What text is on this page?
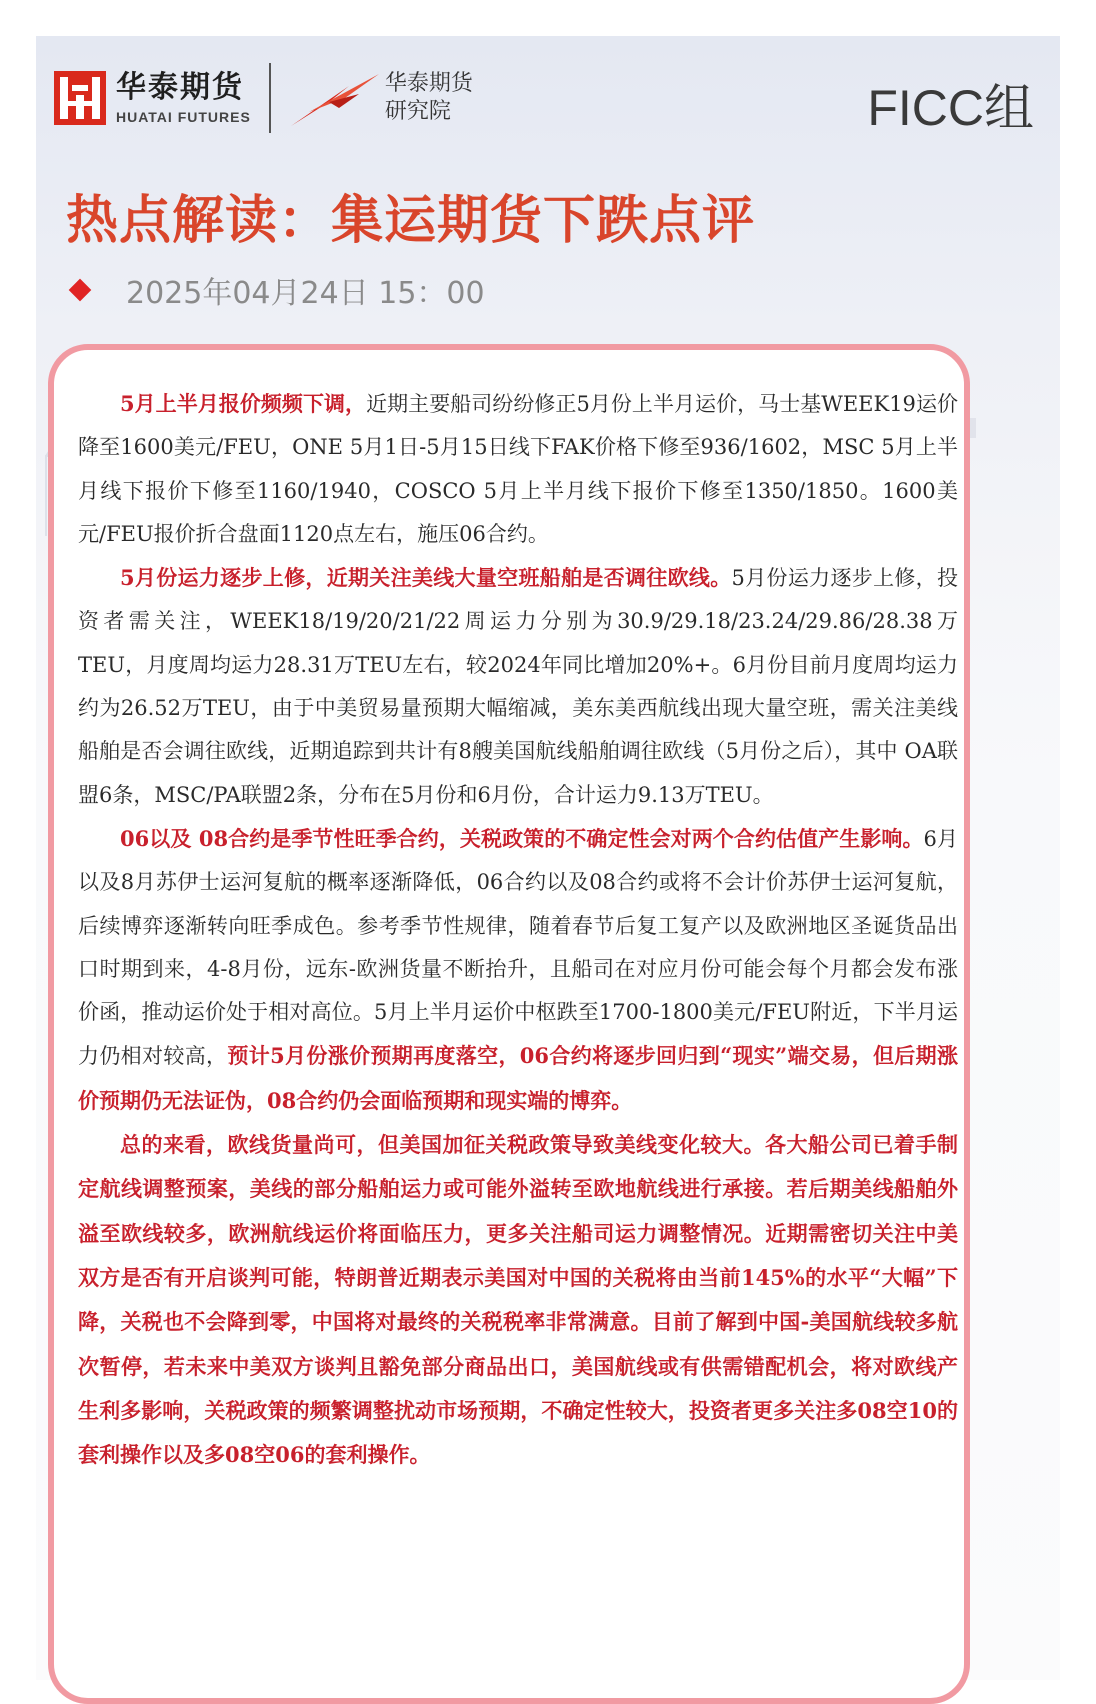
华泰期货
HUATAI FUTURES
华泰期货
研究院	FICC组
热点解读：集运期货下跌点评
2025年04月24日 15：00

5月上半月报价频频下调，近期主要船司纷纷修正5月份上半月运价，马士基WEEK19运价降至1600美元/FEU，ONE 5月1日-5月15日线下FAK价格下修至936/1602，MSC 5月上半月线下报价下修至1160/1940，COSCO 5月上半月线下报价下修至1350/1850。1600美元/FEU报价折合盘面1120点左右，施压06合约。

5月份运力逐步上修，近期关注美线大量空班船舶是否调往欧线。5月份运力逐步上修，投资者需关注，WEEK18/19/20/21/22周运力分别为30.9/29.18/23.24/29.86/28.38万TEU，月度周均运力28.31万TEU左右，较2024年同比增加20%+。6月份目前月度周均运力约为26.52万TEU，由于中美贸易量预期大幅缩减，美东美西航线出现大量空班，需关注美线船舶是否会调往欧线，近期追踪到共计有8艘美国航线船舶调往欧线（5月份之后），其中 OA联盟6条，MSC/PA联盟2条，分布在5月份和6月份，合计运力9.13万TEU。

06以及 08合约是季节性旺季合约，关税政策的不确定性会对两个合约估值产生影响。6月以及8月苏伊士运河复航的概率逐渐降低，06合约以及08合约或将不会计价苏伊士运河复航，后续博弈逐渐转向旺季成色。参考季节性规律，随着春节后复工复产以及欧洲地区圣诞货品出口时期到来，4-8月份，远东-欧洲货量不断抬升，且船司在对应月份可能会每个月都会发布涨价函，推动运价处于相对高位。5月上半月运价中枢跌至1700-1800美元/FEU附近，下半月运力仍相对较高，预计5月份涨价预期再度落空，06合约将逐步回归到“现实”端交易，但后期涨价预期仍无法证伪，08合约仍会面临预期和现实端的博弈。

总的来看，欧线货量尚可，但美国加征关税政策导致美线变化较大。各大船公司已着手制定航线调整预案，美线的部分船舶运力或可能外溢转至欧地航线进行承接。若后期美线船舶外溢至欧线较多，欧洲航线运价将面临压力，更多关注船司运力调整情况。近期需密切关注中美双方是否有开启谈判可能，特朗普近期表示美国对中国的关税将由当前145%的水平“大幅”下降，关税也不会降到零，中国将对最终的关税税率非常满意。目前了解到中国-美国航线较多航次暂停，若未来中美双方谈判且豁免部分商品出口，美国航线或有供需错配机会，将对欧线产生利多影响，关税政策的频繁调整扰动市场预期，不确定性较大，投资者更多关注多08空10的套利操作以及多08空06的套利操作。
